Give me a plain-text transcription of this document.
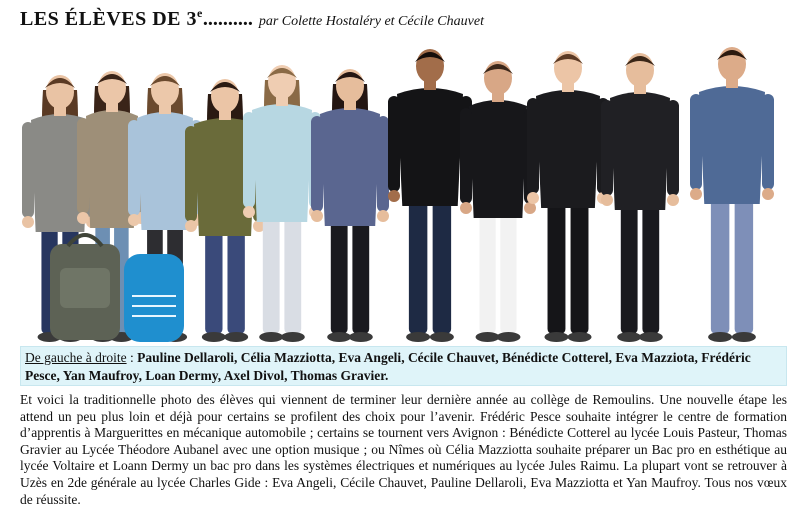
LES ÉLÈVES DE 3e.......... par Colette Hostaléry et Cécile Chauvet
De gauche à droite : Pauline Dellaroli, Célia Mazziotta, Eva Angeli, Cécile Chauvet, Bénédicte Cotterel, Eva Mazziota, Frédéric Pesce, Yan Maufroy, Loan Dermy, Axel Divol, Thomas Gravier.
Et voici la traditionnelle photo des élèves qui viennent de terminer leur dernière année au collège de Remoulins. Une nouvelle étape les attend un peu plus loin et déjà pour certains se profilent des choix pour l’avenir. Frédéric Pesce souhaite intégrer le centre de formation d’apprentis à Marguerittes en mécanique automobile ; certains se tournent vers Avignon : Bénédicte Cotterel au lycée Louis Pasteur, Thomas Gravier au Lycée Théodore Aubanel avec une option musique ; ou Nîmes où Célia Mazziotta souhaite préparer un Bac pro en esthétique au lycée Voltaire et Loann Dermy un bac pro dans les systèmes électriques et numériques au lycée Jules Raimu. La plupart vont se retrouver à Uzès en 2de générale au lycée Charles Gide : Eva Angeli, Cécile Chauvet, Pauline Dellaroli, Eva Mazziotta et Yan Maufroy. Tous nos vœux de réussite.
